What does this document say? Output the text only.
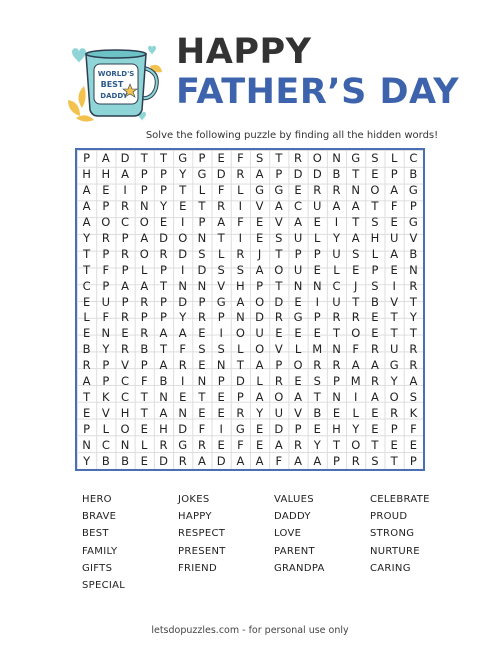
WORLD'S
BEST
DADDY
HAPPY
FATHER’S DAY
Solve the following puzzle by finding all the hidden words!
P	A D T	T G P	E	F	S	T	R O N G S	L	C
H H A	P	P	Y G D R A	P D D B	T	E	P	B
A	E	I	P	P	T	L	F	L	G G E	R R N O A G
A	P	R N Y	E	T	R	I	V A C U A A	T	F	P
A O C O E	I	P	A	F	E	V A	E	I	T	S	E G
Y	R	P	A D O N T	I	E	S U	L	Y	A H U V
T	P	R O R D S	L	R	J	T	P	P	U S	L	A B
T	F	P	L	P	I	D S	S	A O U E	L	E	P	E N
C	P	A A	T N N V H P	T N N C	J	S	I	R
E U	P	R	P D P G A O D E	I	U	T	B V	T
L	F	R	P	P	Y	R	P N D R G P	R R	E	T	Y
E N E	R A A	E	I	O U E	E	E	T O E	T	T
B	Y	R B	T	F	S	S	L O V	L M N	F	R U R
R	P	V	P	A R	E N T	A	P O R R A A G R
A	P	C	F	B	I	N P D	L	R	E	S	P M R	Y	A
T	K C	T N E	T	E	P	A O A	T N	I	A O S
E	V H T	A N E	E	R	Y	U V B	E	L	E	R K
P	L O E H D F	I	G E D P	E H Y	E	P	F
N C N	L	R G R	E	F	E	A R	Y	T O T	E	E
Y	B B	E D R A D A A	F	A A	P	R	S	T	P
HERO
BRAVE
BEST
FAMILY
GIFTS
SPECIAL
JOKES
HAPPY
RESPECT
PRESENT
FRIEND
VALUES
DADDY
LOVE
PARENT
GRANDPA
CELEBRATE
PROUD
STRONG
NURTURE
CARING
letsdopuzzles.com - for personal use only
